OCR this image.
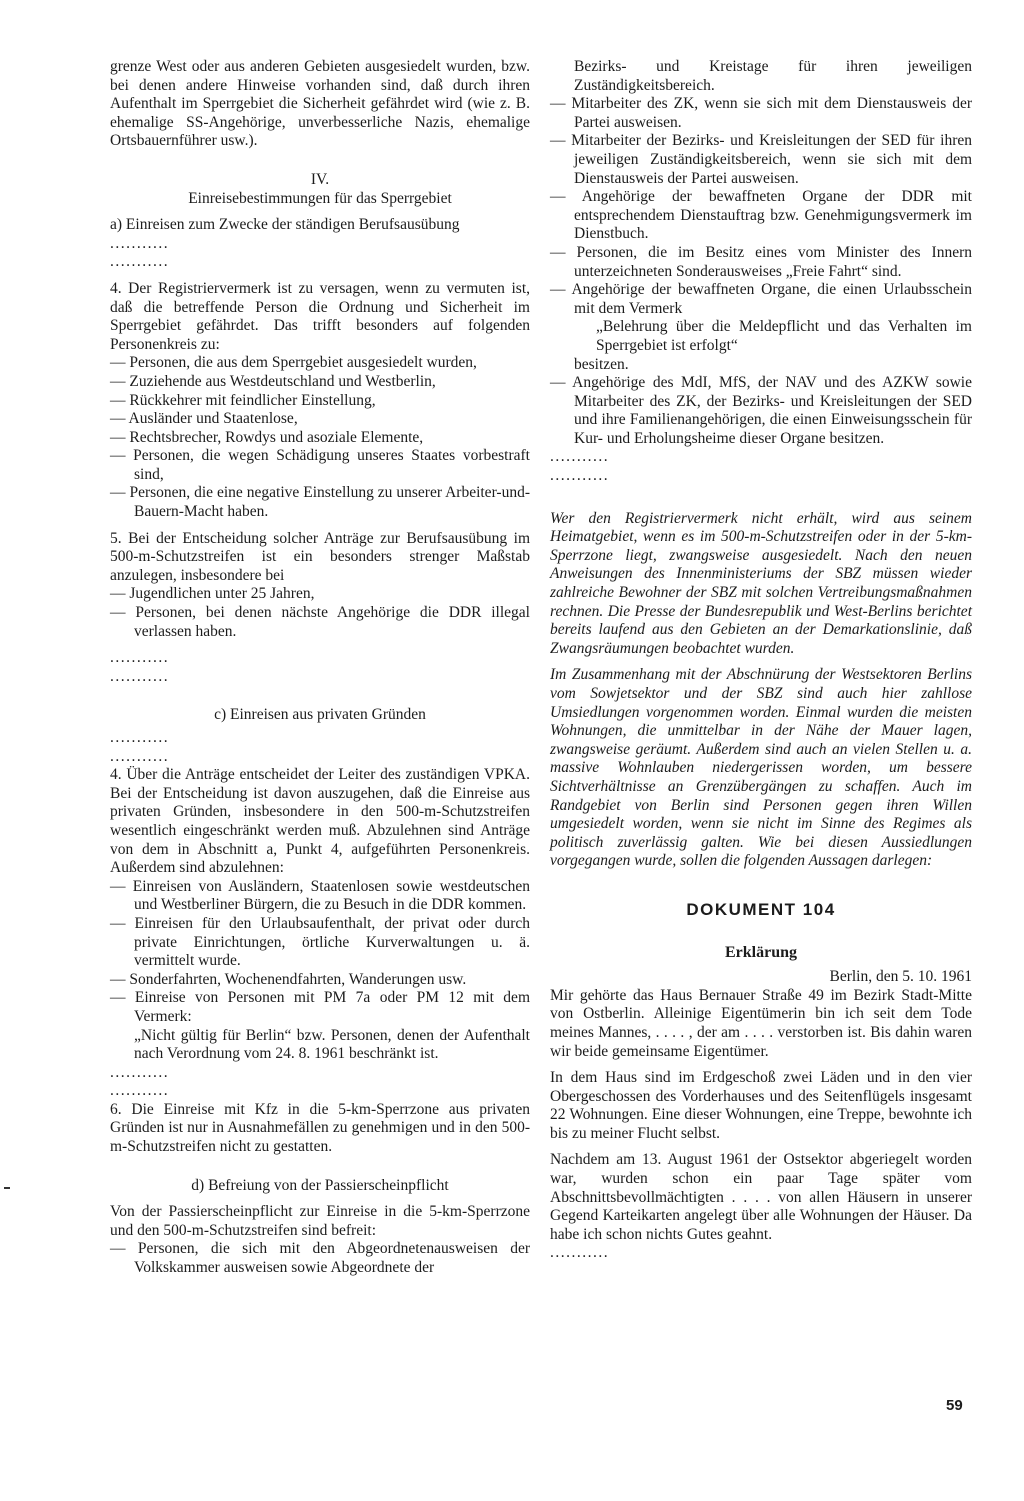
grenze West oder aus anderen Gebieten ausgesiedelt wurden, bzw. bei denen andere Hinweise vorhanden sind, daß durch ihren Aufenthalt im Sperrgebiet die Sicherheit gefährdet wird (wie z. B. ehemalige SS-Angehörige, unverbesserliche Nazis, ehemalige Ortsbauernführer usw.).

IV.

Einreisebestimmungen für das Sperrgebiet

a) Einreisen zum Zwecke der ständigen Berufsausübung

...........

...........

4. Der Registriervermerk ist zu versagen, wenn zu vermuten ist, daß die betreffende Person die Ordnung und Sicherheit im Sperrgebiet gefährdet. Das trifft besonders auf folgenden Personenkreis zu:

— Personen, die aus dem Sperrgebiet ausgesiedelt wurden,

— Zuziehende aus Westdeutschland und Westberlin,

— Rückkehrer mit feindlicher Einstellung,

— Ausländer und Staatenlose,

— Rechtsbrecher, Rowdys und asoziale Elemente,

— Personen, die wegen Schädigung unseres Staates vorbestraft sind,

— Personen, die eine negative Einstellung zu unserer Arbeiter-und-Bauern-Macht haben.

5. Bei der Entscheidung solcher Anträge zur Berufsausübung im 500-m-Schutzstreifen ist ein besonders strenger Maßstab anzulegen, insbesondere bei

— Jugendlichen unter 25 Jahren,

— Personen, bei denen nächste Angehörige die DDR illegal verlassen haben.

...........

...........

c) Einreisen aus privaten Gründen

...........

...........

4. Über die Anträge entscheidet der Leiter des zuständigen VPKA. Bei der Entscheidung ist davon auszugehen, daß die Einreise aus privaten Gründen, insbesondere in den 500-m-Schutzstreifen wesentlich eingeschränkt werden muß. Abzulehnen sind Anträge von dem in Abschnitt a, Punkt 4, aufgeführten Personenkreis. Außerdem sind abzulehnen:

— Einreisen von Ausländern, Staatenlosen sowie westdeutschen und Westberliner Bürgern, die zu Besuch in die DDR kommen.

— Einreisen für den Urlaubsaufenthalt, der privat oder durch private Einrichtungen, örtliche Kurverwaltungen u. ä. vermittelt wurde.

— Sonderfahrten, Wochenendfahrten, Wanderungen usw.

— Einreise von Personen mit PM 7a oder PM 12 mit dem Vermerk:

„Nicht gültig für Berlin“ bzw. Personen, denen der Aufenthalt nach Verordnung vom 24. 8. 1961 beschränkt ist.

...........

...........

6. Die Einreise mit Kfz in die 5-km-Sperrzone aus privaten Gründen ist nur in Ausnahmefällen zu genehmigen und in den 500-m-Schutzstreifen nicht zu gestatten.

d) Befreiung von der Passierscheinpflicht

Von der Passierscheinpflicht zur Einreise in die 5-km-Sperrzone und den 500-m-Schutzstreifen sind befreit:

— Personen, die sich mit den Abgeordnetenausweisen der Volkskammer ausweisen sowie Abgeordnete der

Bezirks- und Kreistage für ihren jeweiligen Zuständigkeitsbereich.

— Mitarbeiter des ZK, wenn sie sich mit dem Dienstausweis der Partei ausweisen.

— Mitarbeiter der Bezirks- und Kreisleitungen der SED für ihren jeweiligen Zuständigkeitsbereich, wenn sie sich mit dem Dienstausweis der Partei ausweisen.

— Angehörige der bewaffneten Organe der DDR mit entsprechendem Dienstauftrag bzw. Genehmigungsvermerk im Dienstbuch.

— Personen, die im Besitz eines vom Minister des Innern unterzeichneten Sonderausweises „Freie Fahrt“ sind.

— Angehörige der bewaffneten Organe, die einen Urlaubsschein mit dem Vermerk

„Belehrung über die Meldepflicht und das Verhalten im Sperrgebiet ist erfolgt“

besitzen.

— Angehörige des MdI, MfS, der NAV und des AZKW sowie Mitarbeiter des ZK, der Bezirks- und Kreisleitungen der SED und ihre Familienangehörigen, die einen Einweisungsschein für Kur- und Erholungsheime dieser Organe besitzen.

...........

...........

Wer den Registriervermerk nicht erhält, wird aus seinem Heimatgebiet, wenn es im 500-m-Schutzstreifen oder in der 5-km-Sperrzone liegt, zwangsweise ausgesiedelt. Nach den neuen Anweisungen des Innenministeriums der SBZ müssen wieder zahlreiche Bewohner der SBZ mit solchen Vertreibungsmaßnahmen rechnen. Die Presse der Bundesrepublik und West-Berlins berichtet bereits laufend aus den Gebieten an der Demarkationslinie, daß Zwangsräumungen beobachtet wurden.

Im Zusammenhang mit der Abschnürung der Westsektoren Berlins vom Sowjetsektor und der SBZ sind auch hier zahllose Umsiedlungen vorgenommen worden. Einmal wurden die meisten Wohnungen, die unmittelbar in der Nähe der Mauer lagen, zwangsweise geräumt. Außerdem sind auch an vielen Stellen u. a. massive Wohnlauben niedergerissen worden, um bessere Sichtverhältnisse an Grenzübergängen zu schaffen. Auch im Randgebiet von Berlin sind Personen gegen ihren Willen umgesiedelt worden, wenn sie nicht im Sinne des Regimes als politisch zuverlässig galten. Wie bei diesen Aussiedlungen vorgegangen wurde, sollen die folgenden Aussagen darlegen:

DOKUMENT 104

Erklärung

Berlin, den 5. 10. 1961

Mir gehörte das Haus Bernauer Straße 49 im Bezirk Stadt-Mitte von Ostberlin. Alleinige Eigentümerin bin ich seit dem Tode meines Mannes, . . . . , der am . . . . verstorben ist. Bis dahin waren wir beide gemeinsame Eigentümer.

In dem Haus sind im Erdgeschoß zwei Läden und in den vier Obergeschossen des Vorderhauses und des Seitenflügels insgesamt 22 Wohnungen. Eine dieser Wohnungen, eine Treppe, bewohnte ich bis zu meiner Flucht selbst.

Nachdem am 13. August 1961 der Ostsektor abgeriegelt worden war, wurden schon ein paar Tage später vom Abschnittsbevollmächtigten . . . . von allen Häusern in unserer Gegend Karteikarten angelegt über alle Wohnungen der Häuser. Da habe ich schon nichts Gutes geahnt.

...........

59
